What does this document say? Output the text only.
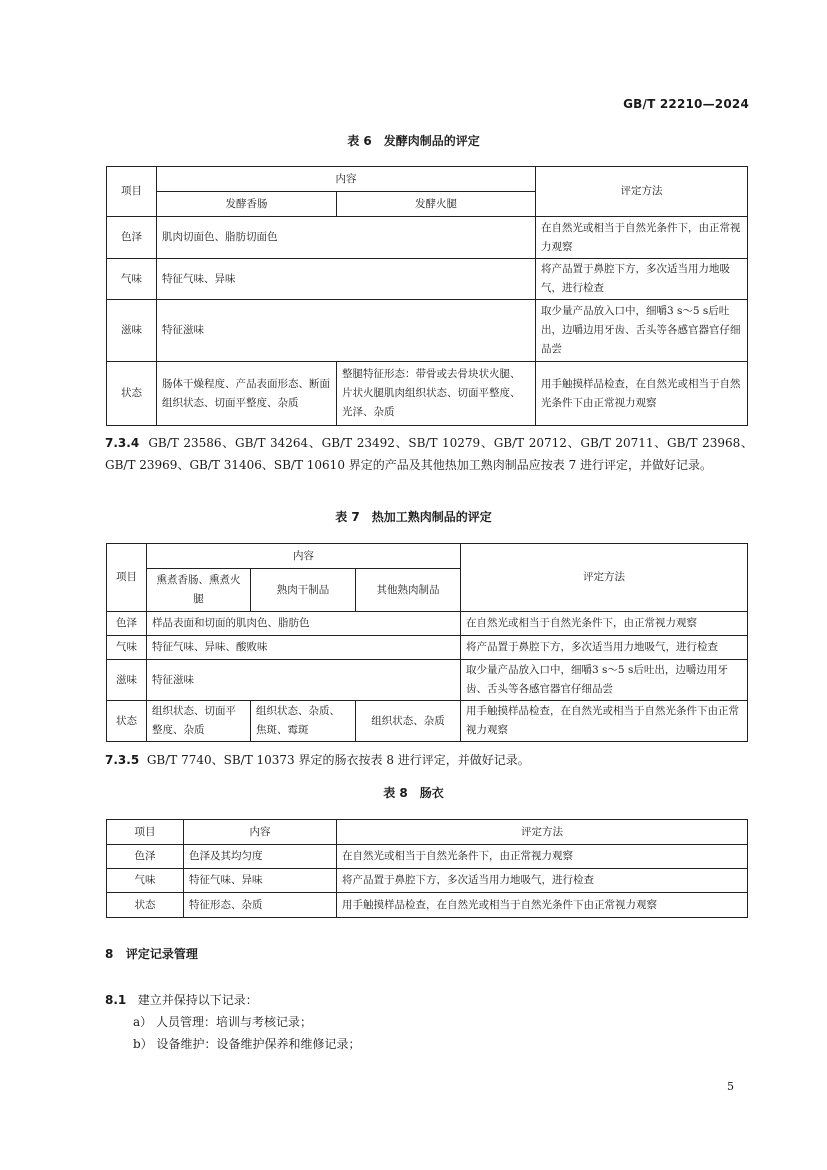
GB/T 22210—2024
表 6　发酵肉制品的评定
项目	内容		评定方法
	发酵香肠	发酵火腿	
色泽	肌肉切面色、脂肪切面色		在自然光或相当于自然光条件下，由正常视力观察
气味	特征气味、异味		将产品置于鼻腔下方，多次适当用力地吸气，进行检查
滋味	特征滋味		取少量产品放入口中，细嚼3 s～5 s后吐出，边嚼边用牙齿、舌头等各感官器官仔细品尝
状态	肠体干燥程度、产品表面形态、断面组织状态、切面平整度、杂质	整腿特征形态：带骨或去骨块状火腿、片状火腿肌肉组织状态、切面平整度、光泽、杂质	用手触摸样品检查，在自然光或相当于自然光条件下由正常视力观察
7.3.4 GB/T 23586、GB/T 34264、GB/T 23492、SB/T 10279、GB/T 20712、GB/T 20711、GB/T 23968、GB/T 23969、GB/T 31406、SB/T 10610 界定的产品及其他热加工熟肉制品应按表 7 进行评定，并做好记录。
表 7　热加工熟肉制品的评定
项目	内容			评定方法
	熏煮香肠、熏煮火腿	熟肉干制品	其他熟肉制品	
色泽	样品表面和切面的肌肉色、脂肪色			在自然光或相当于自然光条件下，由正常视力观察
气味	特征气味、异味、酸败味			将产品置于鼻腔下方，多次适当用力地吸气，进行检查
滋味	特征滋味			取少量产品放入口中，细嚼3 s～5 s后吐出，边嚼边用牙齿、舌头等各感官器官仔细品尝
状态	组织状态、切面平整度、杂质	组织状态、杂质、焦斑、霉斑	组织状态、杂质	用手触摸样品检查，在自然光或相当于自然光条件下由正常视力观察
7.3.5 GB/T 7740、SB/T 10373 界定的肠衣按表 8 进行评定，并做好记录。
表 8　肠衣
项目	内容	评定方法
色泽	色泽及其均匀度	在自然光或相当于自然光条件下，由正常视力观察
气味	特征气味、异味	将产品置于鼻腔下方，多次适当用力地吸气，进行检查
状态	特征形态、杂质	用手触摸样品检查，在自然光或相当于自然光条件下由正常视力观察
8 评定记录管理
8.1 建立并保持以下记录：
a） 人员管理：培训与考核记录；
b） 设备维护：设备维护保养和维修记录；
5
